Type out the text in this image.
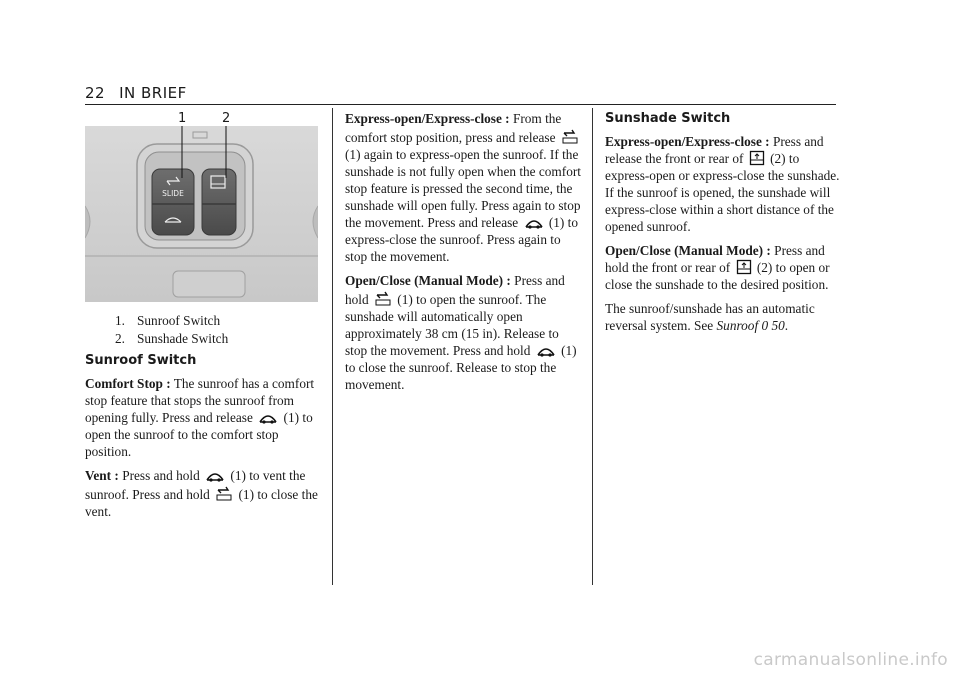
22 IN BRIEF
1	2
SLIDE
1. Sunroof Switch
2. Sunshade Switch
Sunroof Switch

Comfort Stop : The sunroof has a comfort stop feature that stops the sunroof from opening fully. Press and release (1) to open the sunroof to the comfort stop position.

Vent : Press and hold (1) to vent the sunroof. Press and hold (1) to close the vent.

Express-open/Express-close : From the comfort stop position, press and release  (1) again to express-open the sunroof. If the sunshade is not fully open when the comfort stop feature is pressed the second time, the sunshade will open fully. Press again to stop the movement. Press and release (1) to express-close the sunroof. Press again to stop the movement.

Open/Close (Manual Mode) : Press and hold (1) to open the sunroof. The sunshade will automatically open approximately 38 cm (15 in). Release to stop the movement. Press and hold (1) to close the sunroof. Release to stop the movement.

Sunshade Switch

Express-open/Express-close : Press and release the front or rear of (2) to express-open or express-close the sunshade. If the sunroof is opened, the sunshade will express-close within a short distance of the opened sunroof.

Open/Close (Manual Mode) : Press and hold the front or rear of (2) to open or close the sunshade to the desired position.

The sunroof/sunshade has an automatic reversal system. See Sunroof 0 50.

carmanualsonline.info
